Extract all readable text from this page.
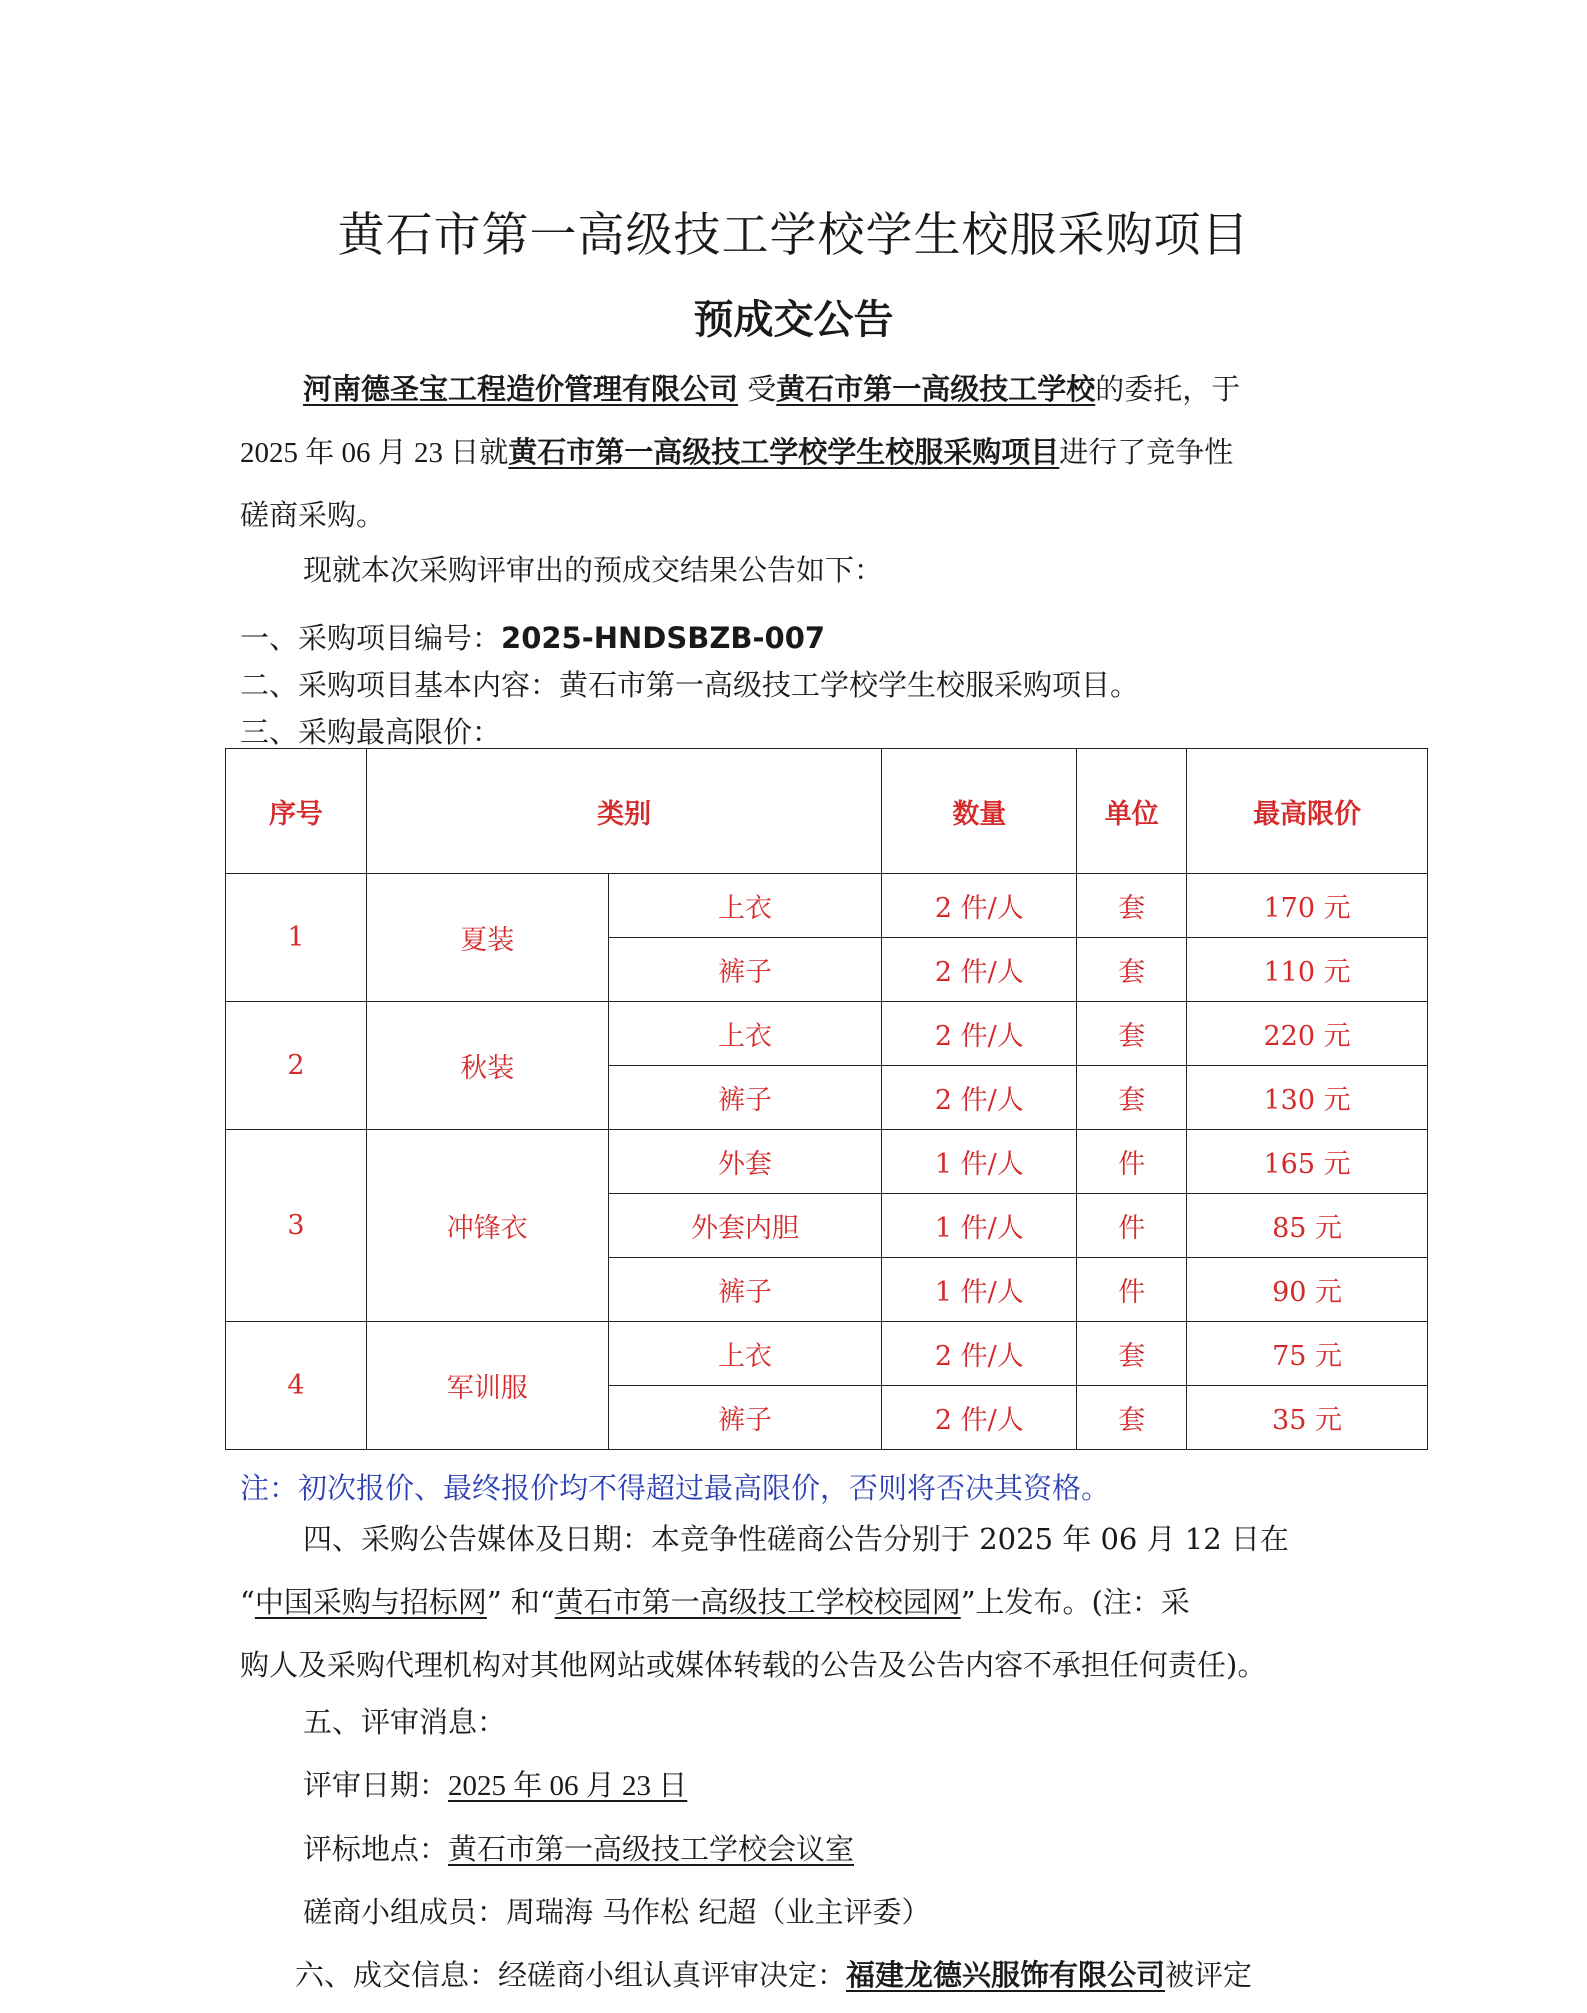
黄石市第一高级技工学校学生校服采购项目
预成交公告
河南德圣宝工程造价管理有限公司 受黄石市第一高级技工学校的委托，于
2025 年 06 月 23 日就黄石市第一高级技工学校学生校服采购项目进行了竞争性
磋商采购。
现就本次采购评审出的预成交结果公告如下：
一、采购项目编号：2025-HNDSBZB-007
二、采购项目基本内容：黄石市第一高级技工学校学生校服采购项目。
三、采购最高限价：
序号	类别		数量	单位	最高限价
1	夏装	上衣	2 件/人	套	170 元
		裤子	2 件/人	套	110 元
2	秋装	上衣	2 件/人	套	220 元
		裤子	2 件/人	套	130 元
3	冲锋衣	外套	1 件/人	件	165 元
		外套内胆	1 件/人	件	85 元
		裤子	1 件/人	件	90 元
4	军训服	上衣	2 件/人	套	75 元
		裤子	2 件/人	套	35 元
注：初次报价、最终报价均不得超过最高限价，否则将否决其资格。
四、采购公告媒体及日期：本竞争性磋商公告分别于 2025 年 06 月 12 日在
“中国采购与招标网” 和“黄石市第一高级技工学校校园网”上发布。(注：采
购人及采购代理机构对其他网站或媒体转载的公告及公告内容不承担任何责任)。
五、评审消息：
评审日期：2025 年 06 月 23 日
评标地点：黄石市第一高级技工学校会议室
磋商小组成员：周瑞海 马作松 纪超（业主评委）
六、成交信息：经磋商小组认真评审决定：福建龙德兴服饰有限公司被评定
